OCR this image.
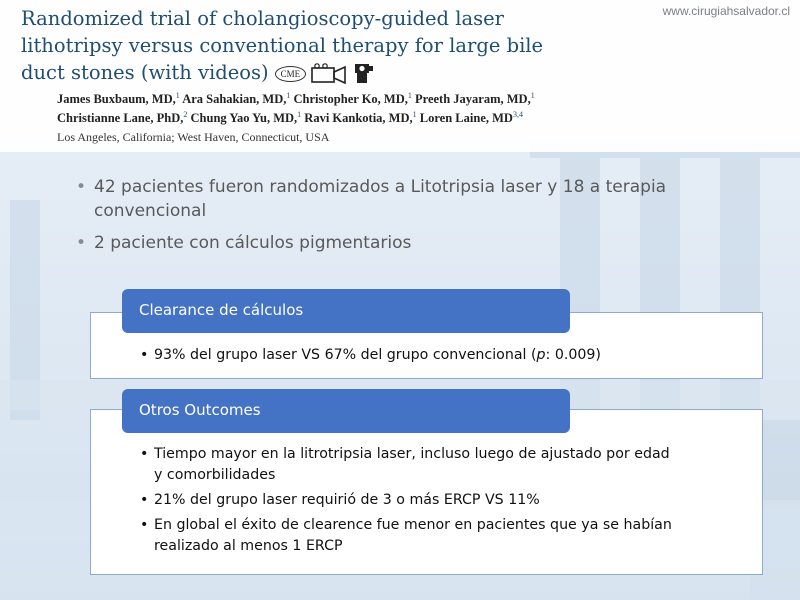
Randomized trial of cholangioscopy-guided laser
lithotripsy versus conventional therapy for large bile
duct stones (with videos)	CME
James Buxbaum, MD,$^1$ Ara Sahakian, MD,$^1$ Christopher Ko, MD,$^1$ Preeth Jayaram, MD,$^1$
Christianne Lane, PhD,$^2$ Chung Yao Yu, MD,$^1$ Ravi Kankotia, MD,$^1$ Loren Laine, MD$^{3,4}$
Los Angeles, California; West Haven, Connecticut, USA
www.cirugiahsalvador.cl
• 42 pacientes fueron randomizados a Litotripsia laser y 18 a terapia convencional
• 2 paciente con cálculos pigmentarios
Clearance de cálculos
• 93% del grupo laser VS 67% del grupo convencional (p: 0.009)
Otros Outcomes
• Tiempo mayor en la litrotripsia laser, incluso luego de ajustado por edad y comorbilidades
• 21% del grupo laser requirió de 3 o más ERCP VS 11%
• En global el éxito de clearence fue menor en pacientes que ya se habían realizado al menos 1 ERCP
